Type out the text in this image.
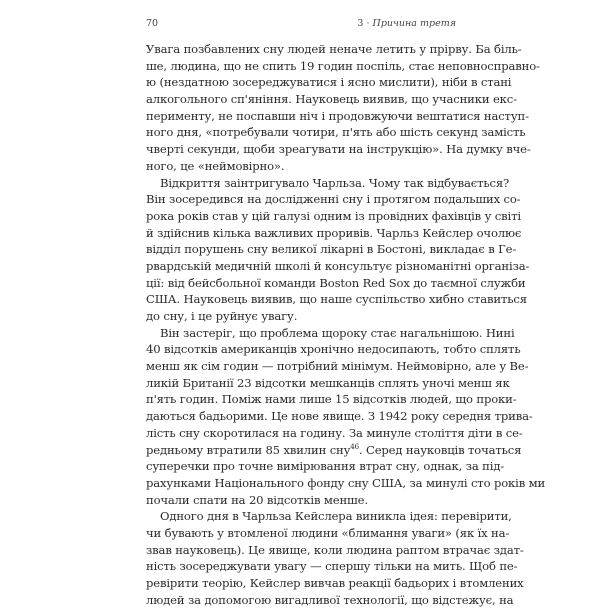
70	3 · Причина третя
Увага позбавлених сну людей неначе летить у прірву. Ба біль-
ше, людина, що не спить 19 годин поспіль, стає неповносправно-
ю (нездатною зосереджуватися і ясно мислити), ніби в стані
алкогольного сп'яніння. Науковець виявив, що учасники екс-
перименту, не поспавши ніч і продовжуючи вештатися наступ-
ного дня, «потребували чотири, п'ять або шість секунд замість
чверті секунди, щоби зреагувати на інструкцію». На думку вче-
ного, це «неймовірно».
Відкриття заінтригувало Чарльза. Чому так відбувається?
Він зосередився на дослідженні сну і протягом подальших со-
рока років став у цій галузі одним із провідних фахівців у світі
й здійснив кілька важливих проривів. Чарльз Кейслер очолює
відділ порушень сну великої лікарні в Бостоні, викладає в Ге-
рвардській медичній школі й консультує різноманітні організа-
ції: від бейсбольної команди Boston Red Sox до таємної служби
США. Науковець виявив, що наше суспільство хибно ставиться
до сну, і це руйнує увагу.
Він застеріг, що проблема щороку стає нагальнішою. Нині
40 відсотків американців хронічно недосипають, тобто сплять
менш як сім годин — потрібний мінімум. Неймовірно, але у Ве-
ликій Британії 23 відсотки мешканців сплять уночі менш як
п'ять годин. Поміж нами лише 15 відсотків людей, що проки-
даються бадьорими. Це нове явище. З 1942 року середня трива-
лість сну скоротилася на годину. За минуле століття діти в се-
редньому втратили 85 хвилин сну$^{46}$. Серед науковців точаться
суперечки про точне вимірювання втрат сну, однак, за під-
рахунками Національного фонду сну США, за минулі сто років ми
почали спати на 20 відсотків менше.
Одного дня в Чарльза Кейслера виникла ідея: перевірити,
чи бувають у втомленої людини «блимання уваги» (як їх на-
звав науковець). Це явище, коли людина раптом втрачає здат-
ність зосереджувати увагу — спершу тільки на мить. Щоб пе-
ревірити теорію, Кейслер вивчав реакції бадьорих і втомлених
людей за допомогою вигадливої технології, що відстежує, на
